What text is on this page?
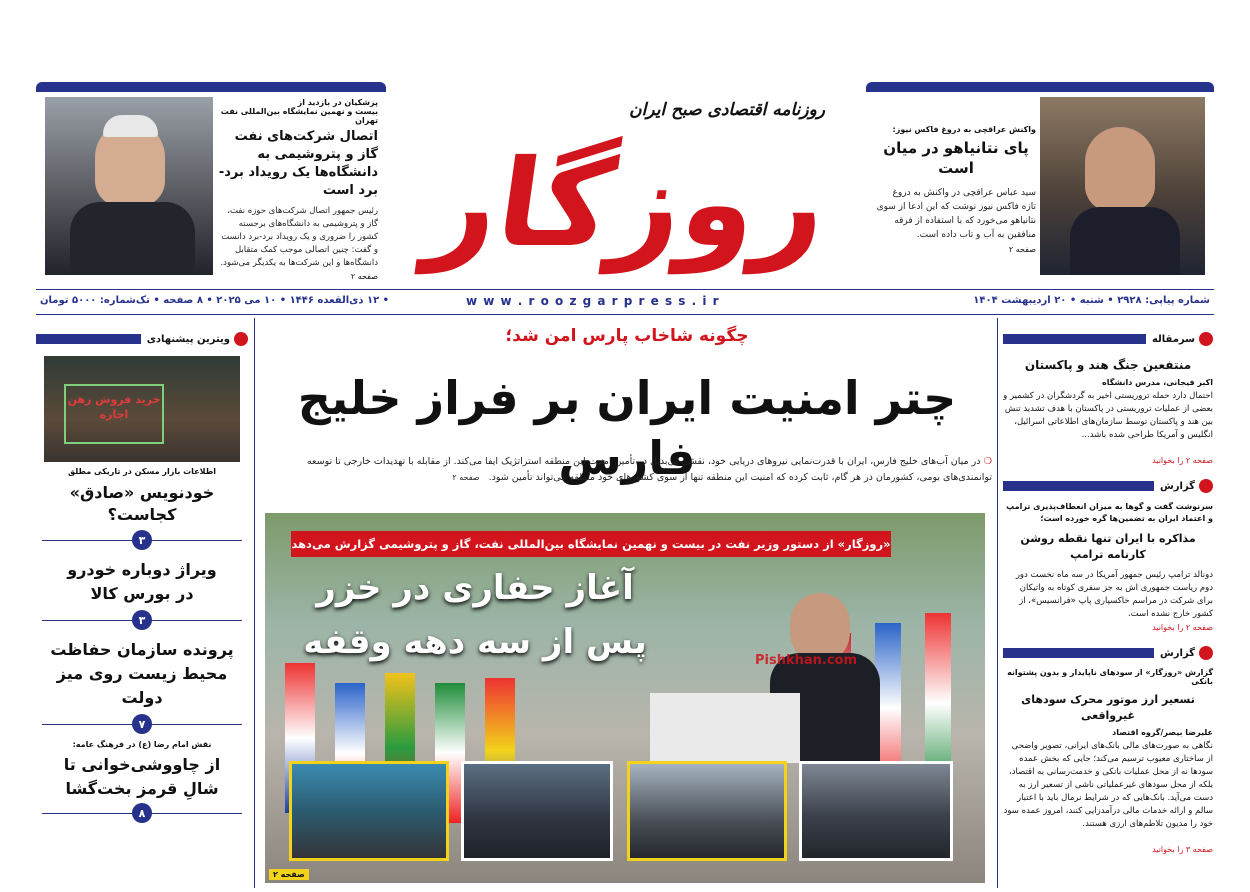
واکنش عراقچی به دروغ فاکس نیوز:
پای نتانیاهو در میان است
سید عباس عراقچی در واکنش به دروغ تازه فاکس نیوز نوشت که این ادعا از سوی نتانیاهو می‌خورد که با استفاده از فرقه منافقین به آب و تاب داده است.
صفحه ۲
پزشکیان در بازدید از
بیست و نهمین نمایشگاه بین‌المللی نفت تهران
اتصال شرکت‌های نفت گاز و پتروشیمی به دانشگاه‌ها یک رویداد برد-برد است
رئیس جمهور اتصال شرکت‌های حوزه نفت، گاز و پتروشیمی به دانشگاه‌های برجسته کشور را ضروری و یک رویداد برد-برد دانست و گفت: چنین اتصالی موجب کمک متقابل دانشگاه‌ها و این شرکت‌ها به یکدیگر می‌شود.
صفحه ۲
روزنامه اقتصادی صبح ایران
روزگار
شماره پیاپی: ۲۹۲۸ • شنبه • ۲۰ اردیبهشت ۱۴۰۴
w w w . r o o z g a r p r e s s . i r
• ۱۲ ذی‌القعده ۱۴۴۶ • ۱۰ می ۲۰۲۵ • ۸ صفحه • تک‌شماره: ۵۰۰۰ تومان
سرمقاله
منتفعین جنگ هند و پاکستان
اکبر فیجانی، مدرس دانشگاه
احتمال دارد حمله تروریستی اخیر به گردشگران در کشمیر و بعضی از عملیات تروریستی در پاکستان با هدف تشدید تنش بین هند و پاکستان توسط سازمان‌های اطلاعاتی اسرائیل، انگلیس و آمریکا طراحی شده باشد...
صفحه ۲ را بخوانید
گزارش
سرنوشت گفت و گوها به میزان انعطاف‌پذیری ترامپ و اعتماد ایران به تضمین‌ها گره خورده است؛
مذاکره با ایران تنها نقطه روشن کارنامه ترامپ
دونالد ترامپ رئیس جمهور آمریکا در سه ماه نخست دور دوم ریاست جمهوری اش به جز سفری کوتاه به واتیکان برای شرکت در مراسم خاکسپاری پاپ «فرانسیس»، از کشور خارج نشده است.
صفحه ۲ را بخوانید
گزارش
گزارش «روزگار» از سودهای ناپایدار و بدون پشتوانه بانکی
تسعیر ارز موتور محرک سودهای غیرواقعی
علیرضا بیصر/گروه اقتصاد
نگاهی به صورت‌های مالی بانک‌های ایرانی، تصویر واضحی از ساختاری معیوب ترسیم می‌کند؛ جایی که بخش عمده سودها نه از محل عملیات بانکی و خدمت‌رسانی به اقتصاد، بلکه از محل سودهای غیرعملیاتی ناشی از تسعیر ارز به دست می‌آید. بانک‌هایی که در شرایط نرمال باید با اعتبار سالم و ارائه خدمات مالی درآمدزایی کنند، امروز عمده سود خود را مدیون تلاطم‌های ارزی هستند.
صفحه ۳ را بخوانید
ویترین پیشنهادی
خرید فروش رهن اجاره
اطلاعات بازار مسکن در تاریکی مطلق
خودنویس «صادق» کجاست؟
۳
ویراژ دوباره خودرو در بورس کالا
۳
پرونده سازمان حفاظت محیط زیست روی میز دولت
۷
نقش امام رضا (ع) در فرهنگ عامه:
از چاووشی‌خوانی تا شالِ قرمز بخت‌گشا
۸
چگونه شاخاب پارس امن شد؛
چتر امنیت ایران بر فراز خلیج فارس	❍ در میان آب‌های خلیج فارس، ایران با قدرت‌نمایی نیروهای دریایی خود، نقشی بی‌بدیل در تأمین امنیت این منطقه استراتژیک ایفا می‌کند. از مقابله با تهدیدات خارجی تا توسعه توانمندی‌های بومی، کشورمان در هر گام، ثابت کرده که امنیت این منطقه تنها از سوی کشورهای خود منطقه می‌تواند تأمین شود. صفحه ۲
«روزگار» از دستور وزیر نفت در بیست و نهمین نمایشگاه بین‌المللی نفت، گاز و پتروشیمی گزارش می‌دهد
آغاز حفاری در خزر
پس از سه دهه وقفه	Pishkhan.com
صفحه ۲
